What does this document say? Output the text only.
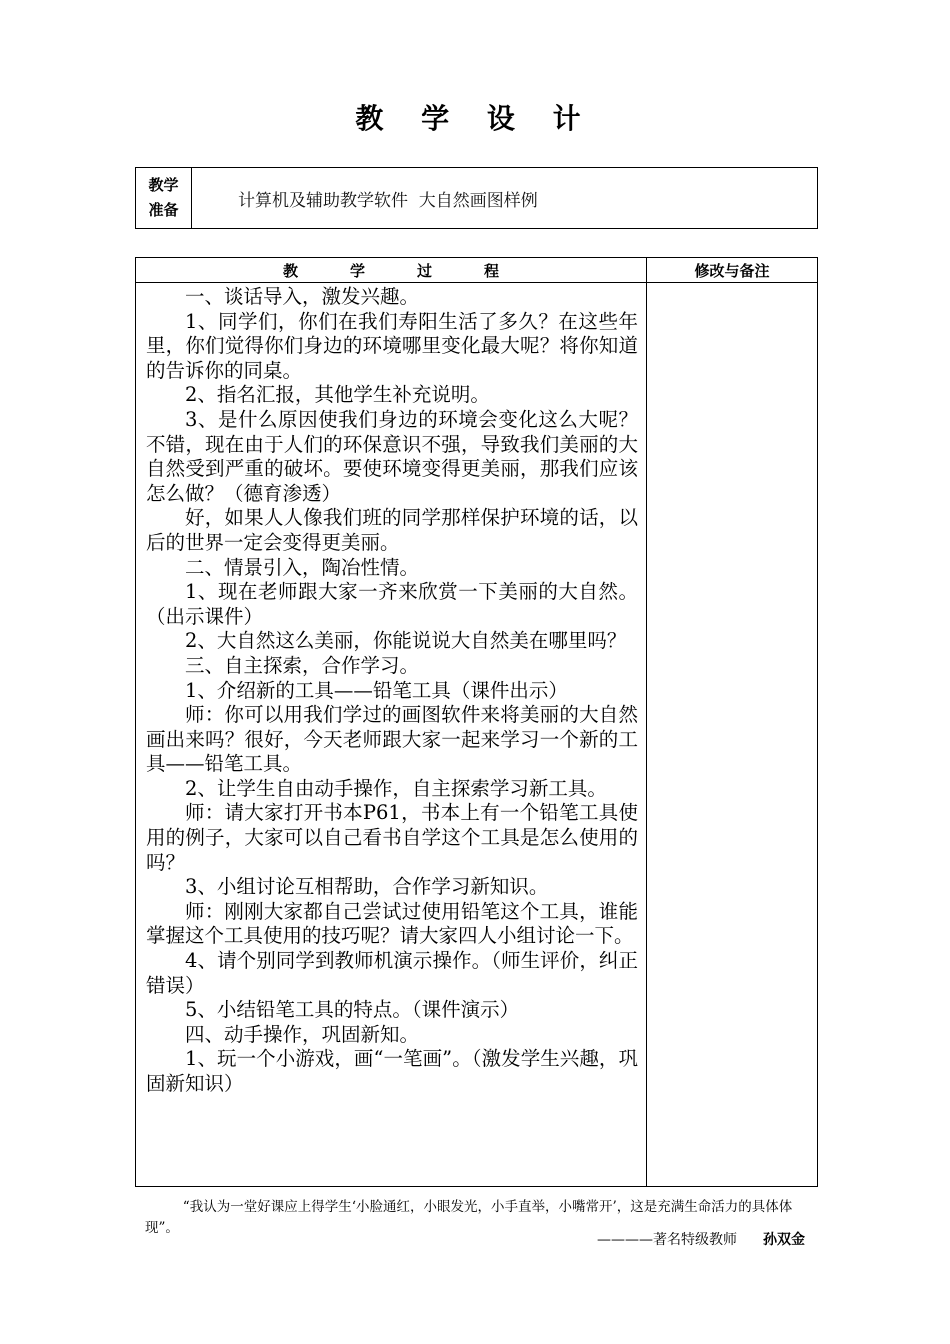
教 学 设 计
教学
准备	计算机及辅助教学软件  大自然画图样例
教学过程	修改与备注

一、谈话导入，激发兴趣。

1、同学们，你们在我们寿阳生活了多久？在这些年里，你们觉得你们身边的环境哪里变化最大呢？将你知道的告诉你的同桌。

2、指名汇报，其他学生补充说明。

3、是什么原因使我们身边的环境会变化这么大呢？不错，现在由于人们的环保意识不强，导致我们美丽的大自然受到严重的破坏。要使环境变得更美丽，那我们应该怎么做？（德育渗透）

好，如果人人像我们班的同学那样保护环境的话，以后的世界一定会变得更美丽。

二、情景引入，陶冶性情。

1、现在老师跟大家一齐来欣赏一下美丽的大自然。（出示课件）

2、大自然这么美丽，你能说说大自然美在哪里吗？

三、自主探索，合作学习。

1、介绍新的工具——铅笔工具（课件出示）

师：你可以用我们学过的画图软件来将美丽的大自然画出来吗？很好，今天老师跟大家一起来学习一个新的工具——铅笔工具。

2、让学生自由动手操作，自主探索学习新工具。

师：请大家打开书本P61，书本上有一个铅笔工具使用的例子，大家可以自己看书自学这个工具是怎么使用的吗？

3、小组讨论互相帮助，合作学习新知识。

师：刚刚大家都自己尝试过使用铅笔这个工具，谁能掌握这个工具使用的技巧呢？请大家四人小组讨论一下。

4、请个别同学到教师机演示操作。（师生评价，纠正错误）

5、小结铅笔工具的特点。（课件演示）

四、动手操作，巩固新知。

1、玩一个小游戏，画“一笔画”。（激发学生兴趣，巩固新知识）

“我认为一堂好课应上得学生‘小脸通红，小眼发光，小手直举，小嘴常开’，这是充满生命活力的具体体现”。
————著名特级教师 孙双金
